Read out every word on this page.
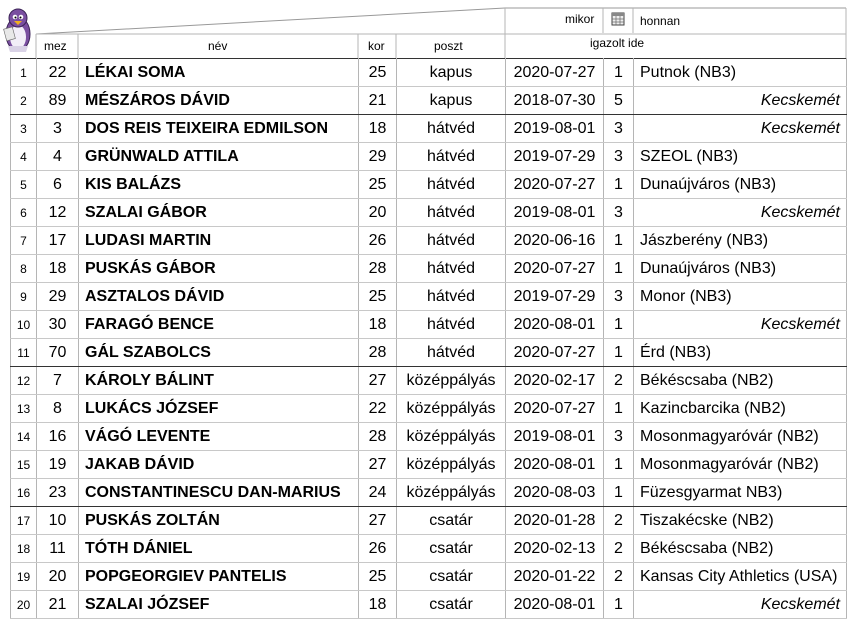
mez	név	kor	poszt
mikor	honnan
igazolt ide
1	22	LÉKAI SOMA	25	kapus	2020-07-27	1	Putnok (NB3)
2	89	MÉSZÁROS DÁVID	21	kapus	2018-07-30	5	Kecskemét
3	3	DOS REIS TEIXEIRA EDMILSON	18	hátvéd	2019-08-01	3	Kecskemét
4	4	GRÜNWALD ATTILA	29	hátvéd	2019-07-29	3	SZEOL (NB3)
5	6	KIS BALÁZS	25	hátvéd	2020-07-27	1	Dunaújváros (NB3)
6	12	SZALAI GÁBOR	20	hátvéd	2019-08-01	3	Kecskemét
7	17	LUDASI MARTIN	26	hátvéd	2020-06-16	1	Jászberény (NB3)
8	18	PUSKÁS GÁBOR	28	hátvéd	2020-07-27	1	Dunaújváros (NB3)
9	29	ASZTALOS DÁVID	25	hátvéd	2019-07-29	3	Monor (NB3)
10	30	FARAGÓ BENCE	18	hátvéd	2020-08-01	1	Kecskemét
11	70	GÁL SZABOLCS	28	hátvéd	2020-07-27	1	Érd (NB3)
12	7	KÁROLY BÁLINT	27	középpályás	2020-02-17	2	Békéscsaba (NB2)
13	8	LUKÁCS JÓZSEF	22	középpályás	2020-07-27	1	Kazincbarcika (NB2)
14	16	VÁGÓ LEVENTE	28	középpályás	2019-08-01	3	Mosonmagyaróvár (NB2)
15	19	JAKAB DÁVID	27	középpályás	2020-08-01	1	Mosonmagyaróvár (NB2)
16	23	CONSTANTINESCU DAN-MARIUS	24	középpályás	2020-08-03	1	Füzesgyarmat NB3)
17	10	PUSKÁS ZOLTÁN	27	csatár	2020-01-28	2	Tiszakécske (NB2)
18	11	TÓTH DÁNIEL	26	csatár	2020-02-13	2	Békéscsaba (NB2)
19	20	POPGEORGIEV PANTELIS	25	csatár	2020-01-22	2	Kansas City Athletics (USA)
20	21	SZALAI JÓZSEF	18	csatár	2020-08-01	1	Kecskemét
